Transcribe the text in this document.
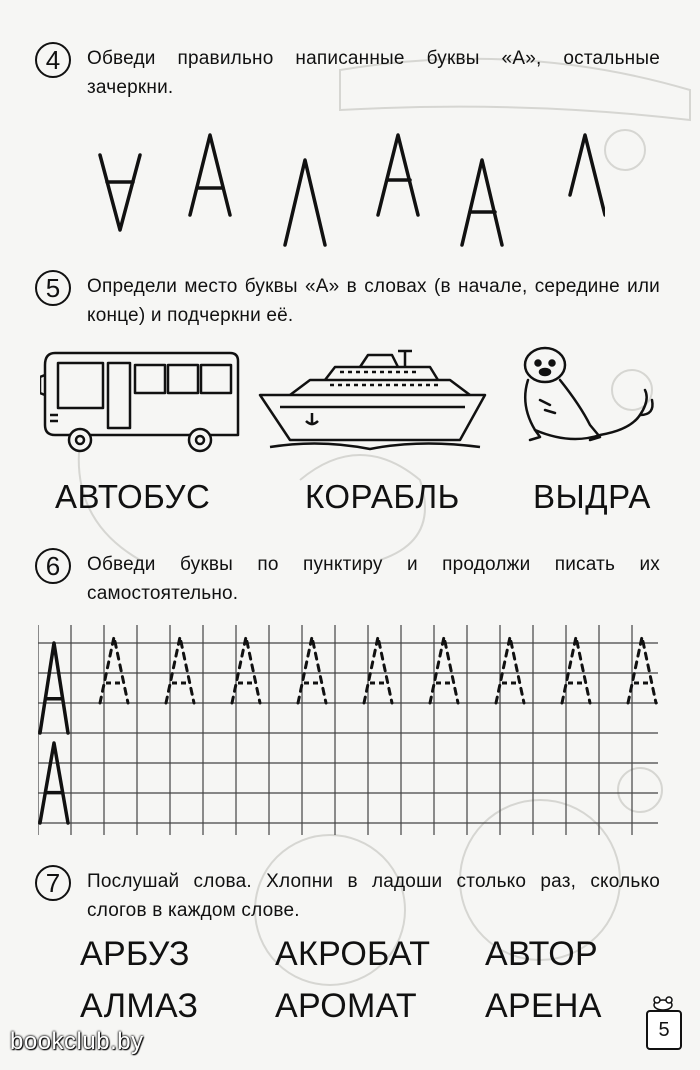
4	Обведи правильно написанные буквы «А», остальные зачеркни.
5	Определи место буквы «А» в словах (в начале, середине или конце) и подчеркни её.
АВТОБУС	КОРАБЛЬ ВЫДРА
6	Обведи буквы по пунктиру и продолжи писать их самостоятельно.
7	Послушай слова. Хлопни в ладоши столько раз, сколько слогов в каждом слове.
АРБУЗ	АКРОБАТ АВТОР
АЛМАЗ АРОМАТ АРЕНА
bookclub.by	5
